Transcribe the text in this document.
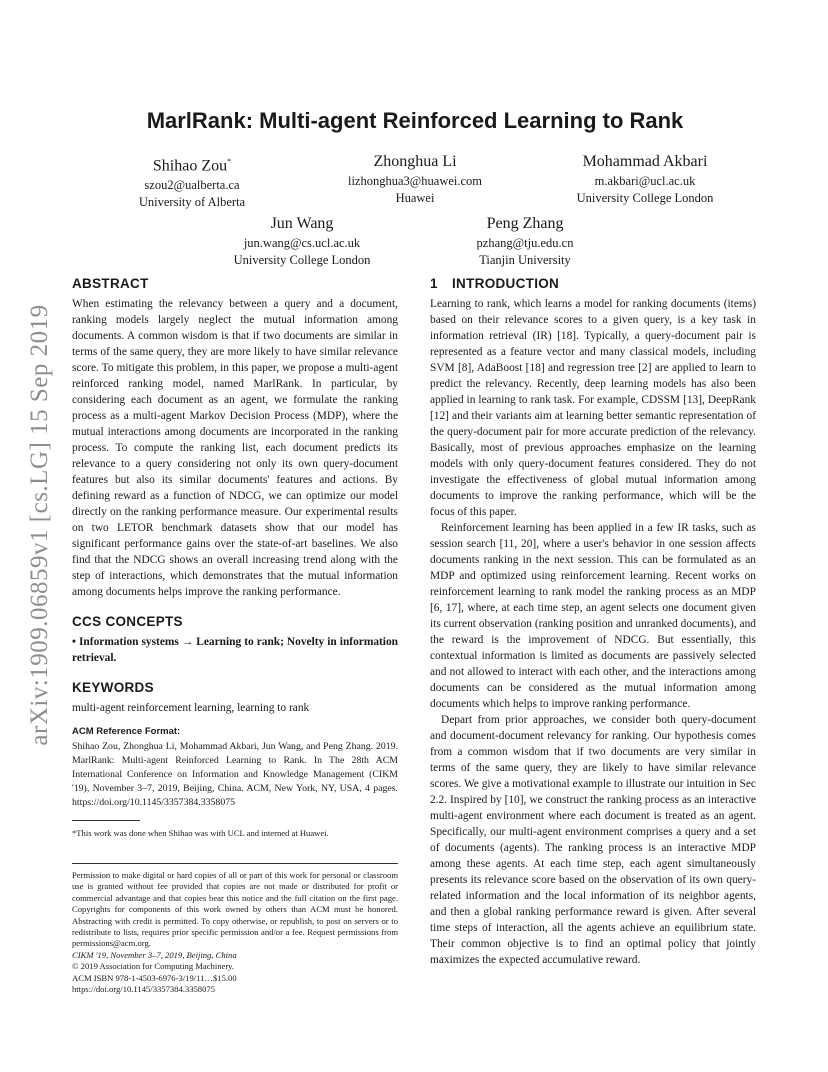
arXiv:1909.06859v1 [cs.LG] 15 Sep 2019
MarlRank: Multi-agent Reinforced Learning to Rank
Shihao Zou*
szou2@ualberta.ca
University of Alberta
Zhonghua Li
lizhonghua3@huawei.com
Huawei
Mohammad Akbari
m.akbari@ucl.ac.uk
University College London
Jun Wang
jun.wang@cs.ucl.ac.uk
University College London
Peng Zhang
pzhang@tju.edu.cn
Tianjin University
ABSTRACT

When estimating the relevancy between a query and a document, ranking models largely neglect the mutual information among documents. A common wisdom is that if two documents are similar in terms of the same query, they are more likely to have similar relevance score. To mitigate this problem, in this paper, we propose a multi-agent reinforced ranking model, named MarlRank. In particular, by considering each document as an agent, we formulate the ranking process as a multi-agent Markov Decision Process (MDP), where the mutual interactions among documents are incorporated in the ranking process. To compute the ranking list, each document predicts its relevance to a query considering not only its own query-document features but also its similar documents' features and actions. By defining reward as a function of NDCG, we can optimize our model directly on the ranking performance measure. Our experimental results on two LETOR benchmark datasets show that our model has significant performance gains over the state-of-art baselines. We also find that the NDCG shows an overall increasing trend along with the step of interactions, which demonstrates that the mutual information among documents helps improve the ranking performance.

CCS CONCEPTS

• Information systems → Learning to rank; Novelty in information retrieval.

KEYWORDS

multi-agent reinforcement learning, learning to rank

ACM Reference Format:

Shihao Zou, Zhonghua Li, Mohammad Akbari, Jun Wang, and Peng Zhang. 2019. MarlRank: Multi-agent Reinforced Learning to Rank. In The 28th ACM International Conference on Information and Knowledge Management (CIKM '19), November 3–7, 2019, Beijing, China. ACM, New York, NY, USA, 4 pages. https://doi.org/10.1145/3357384.3358075

*This work was done when Shihao was with UCL and interned at Huawei.

Permission to make digital or hard copies of all or part of this work for personal or classroom use is granted without fee provided that copies are not made or distributed for profit or commercial advantage and that copies bear this notice and the full citation on the first page. Copyrights for components of this work owned by others than ACM must be honored. Abstracting with credit is permitted. To copy otherwise, or republish, to post on servers or to redistribute to lists, requires prior specific permission and/or a fee. Request permissions from permissions@acm.org.

CIKM '19, November 3–7, 2019, Beijing, China
© 2019 Association for Computing Machinery.
ACM ISBN 978-1-4503-6976-3/19/11…$15.00
https://doi.org/10.1145/3357384.3358075
1 INTRODUCTION

Learning to rank, which learns a model for ranking documents (items) based on their relevance scores to a given query, is a key task in information retrieval (IR) [18]. Typically, a query-document pair is represented as a feature vector and many classical models, including SVM [8], AdaBoost [18] and regression tree [2] are applied to learn to predict the relevancy. Recently, deep learning models has also been applied in learning to rank task. For example, CDSSM [13], DeepRank [12] and their variants aim at learning better semantic representation of the query-document pair for more accurate prediction of the relevancy. Basically, most of previous approaches emphasize on the learning models with only query-document features considered. They do not investigate the effectiveness of global mutual information among documents to improve the ranking performance, which will be the focus of this paper.

Reinforcement learning has been applied in a few IR tasks, such as session search [11, 20], where a user's behavior in one session affects documents ranking in the next session. This can be formulated as an MDP and optimized using reinforcement learning. Recent works on reinforcement learning to rank model the ranking process as an MDP [6, 17], where, at each time step, an agent selects one document given its current observation (ranking position and unranked documents), and the reward is the improvement of NDCG. But essentially, this contextual information is limited as documents are passively selected and not allowed to interact with each other, and the interactions among documents can be considered as the mutual information among documents which helps to improve ranking performance.

Depart from prior approaches, we consider both query-document and document-document relevancy for ranking. Our hypothesis comes from a common wisdom that if two documents are very similar in terms of the same query, they are likely to have similar relevance scores. We give a motivational example to illustrate our intuition in Sec 2.2. Inspired by [10], we construct the ranking process as an interactive multi-agent environment where each document is treated as an agent. Specifically, our multi-agent environment comprises a query and a set of documents (agents). The ranking process is an interactive MDP among these agents. At each time step, each agent simultaneously presents its relevance score based on the observation of its own query-related information and the local information of its neighbor agents, and then a global ranking performance reward is given. After several time steps of interaction, all the agents achieve an equilibrium state. Their common objective is to find an optimal policy that jointly maximizes the expected accumulative reward.
